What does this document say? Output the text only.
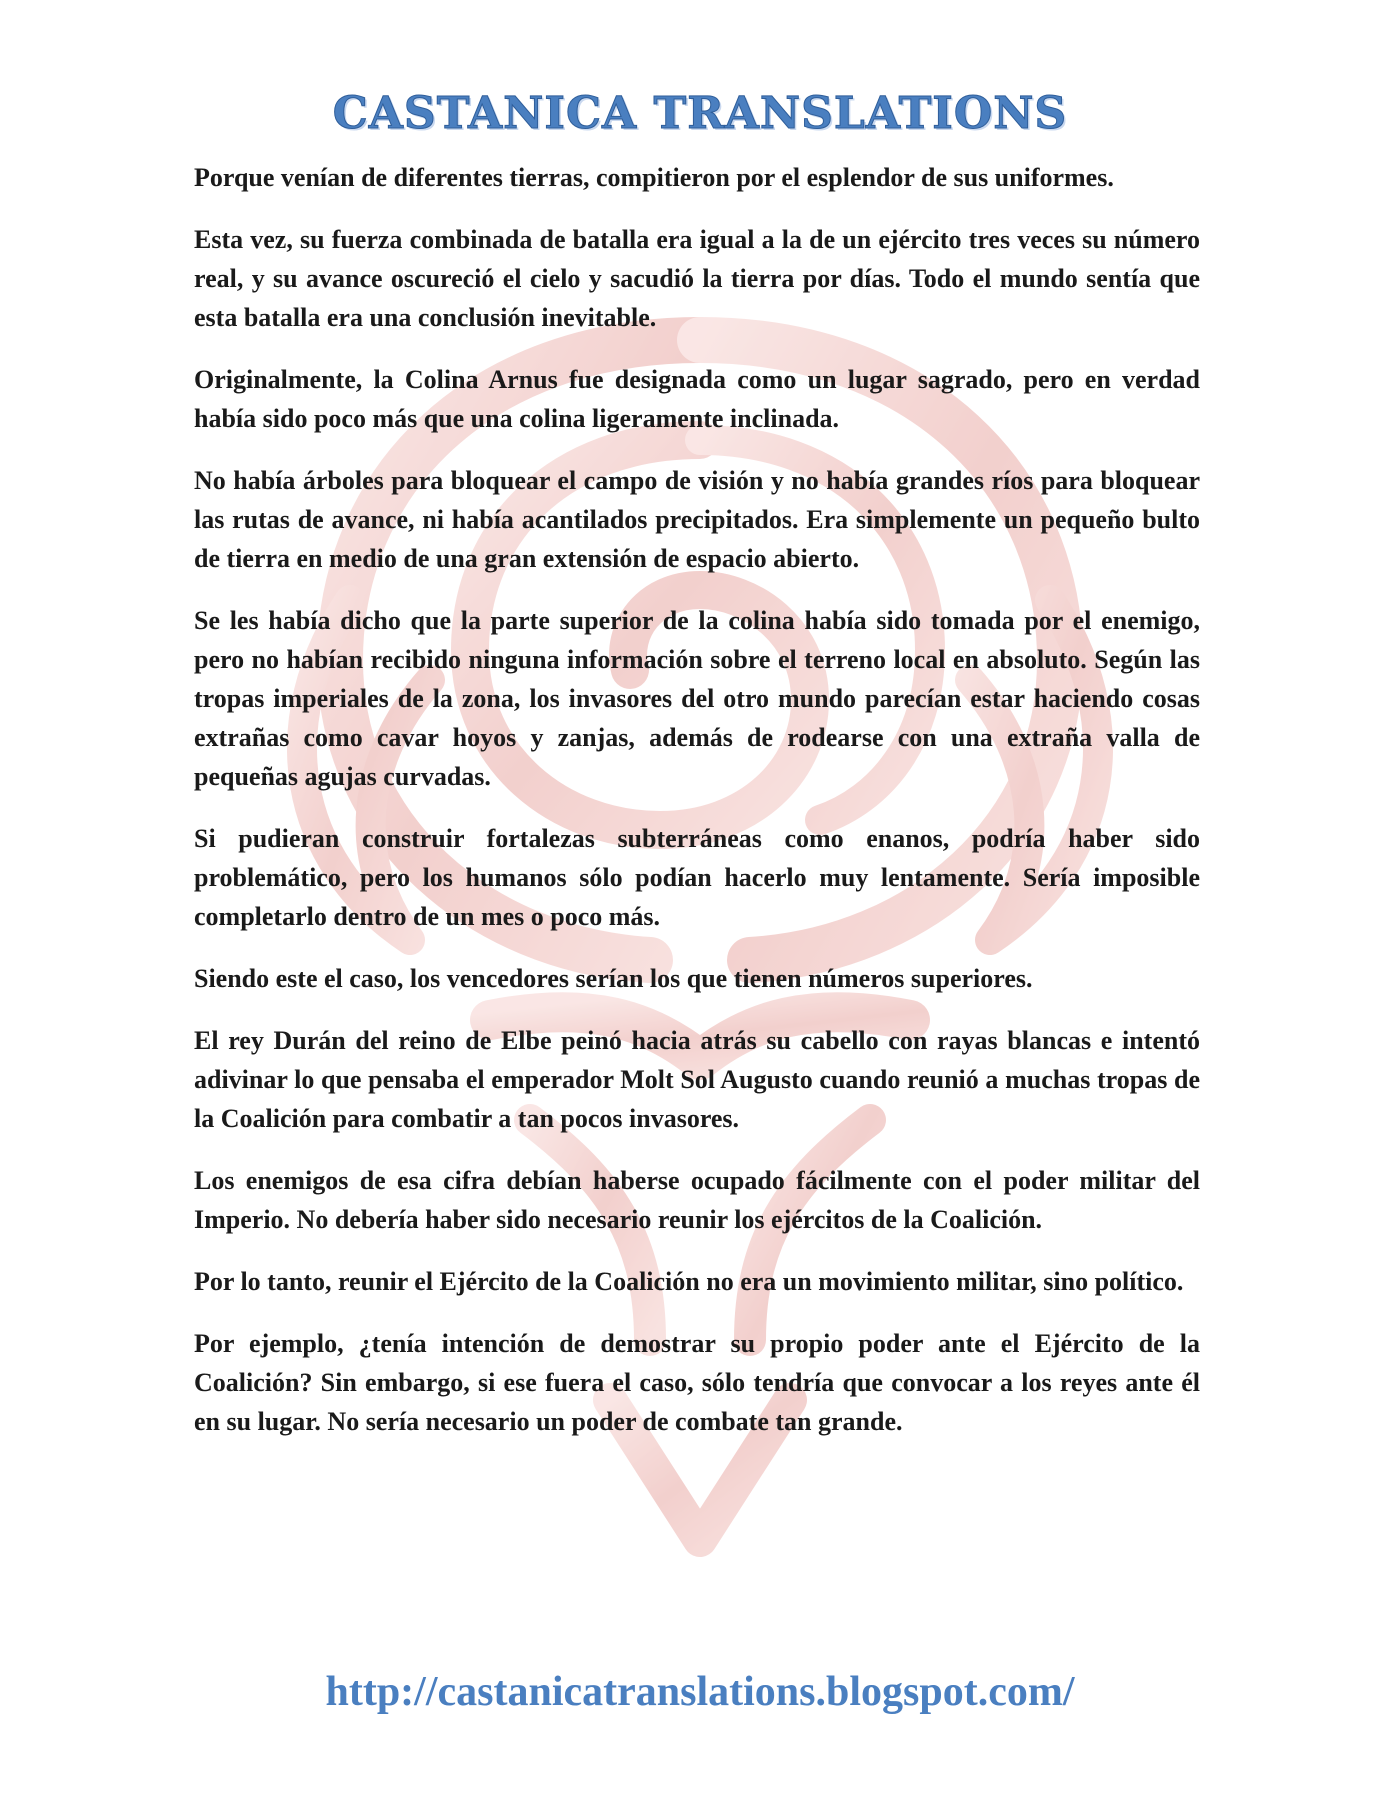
CASTANICA TRANSLATIONS

Porque venían de diferentes tierras, compitieron por el esplendor de sus uniformes.

Esta vez, su fuerza combinada de batalla era igual a la de un ejército tres veces su número real, y su avance oscureció el cielo y sacudió la tierra por días. Todo el mundo sentía que esta batalla era una conclusión inevitable.

Originalmente, la Colina Arnus fue designada como un lugar sagrado, pero en verdad había sido poco más que una colina ligeramente inclinada.

No había árboles para bloquear el campo de visión y no había grandes ríos para bloquear las rutas de avance, ni había acantilados precipitados. Era simplemente un pequeño bulto de tierra en medio de una gran extensión de espacio abierto.

Se les había dicho que la parte superior de la colina había sido tomada por el enemigo, pero no habían recibido ninguna información sobre el terreno local en absoluto. Según las tropas imperiales de la zona, los invasores del otro mundo parecían estar haciendo cosas extrañas como cavar hoyos y zanjas, además de rodearse con una extraña valla de pequeñas agujas curvadas.

Si pudieran construir fortalezas subterráneas como enanos, podría haber sido problemático, pero los humanos sólo podían hacerlo muy lentamente. Sería imposible completarlo dentro de un mes o poco más.

Siendo este el caso, los vencedores serían los que tienen números superiores.

El rey Durán del reino de Elbe peinó hacia atrás su cabello con rayas blancas e intentó adivinar lo que pensaba el emperador Molt Sol Augusto cuando reunió a muchas tropas de la Coalición para combatir a tan pocos invasores.

Los enemigos de esa cifra debían haberse ocupado fácilmente con el poder militar del Imperio. No debería haber sido necesario reunir los ejércitos de la Coalición.

Por lo tanto, reunir el Ejército de la Coalición no era un movimiento militar, sino político.

Por ejemplo, ¿tenía intención de demostrar su propio poder ante el Ejército de la Coalición? Sin embargo, si ese fuera el caso, sólo tendría que convocar a los reyes ante él en su lugar. No sería necesario un poder de combate tan grande.

http://castanicatranslations.blogspot.com/
